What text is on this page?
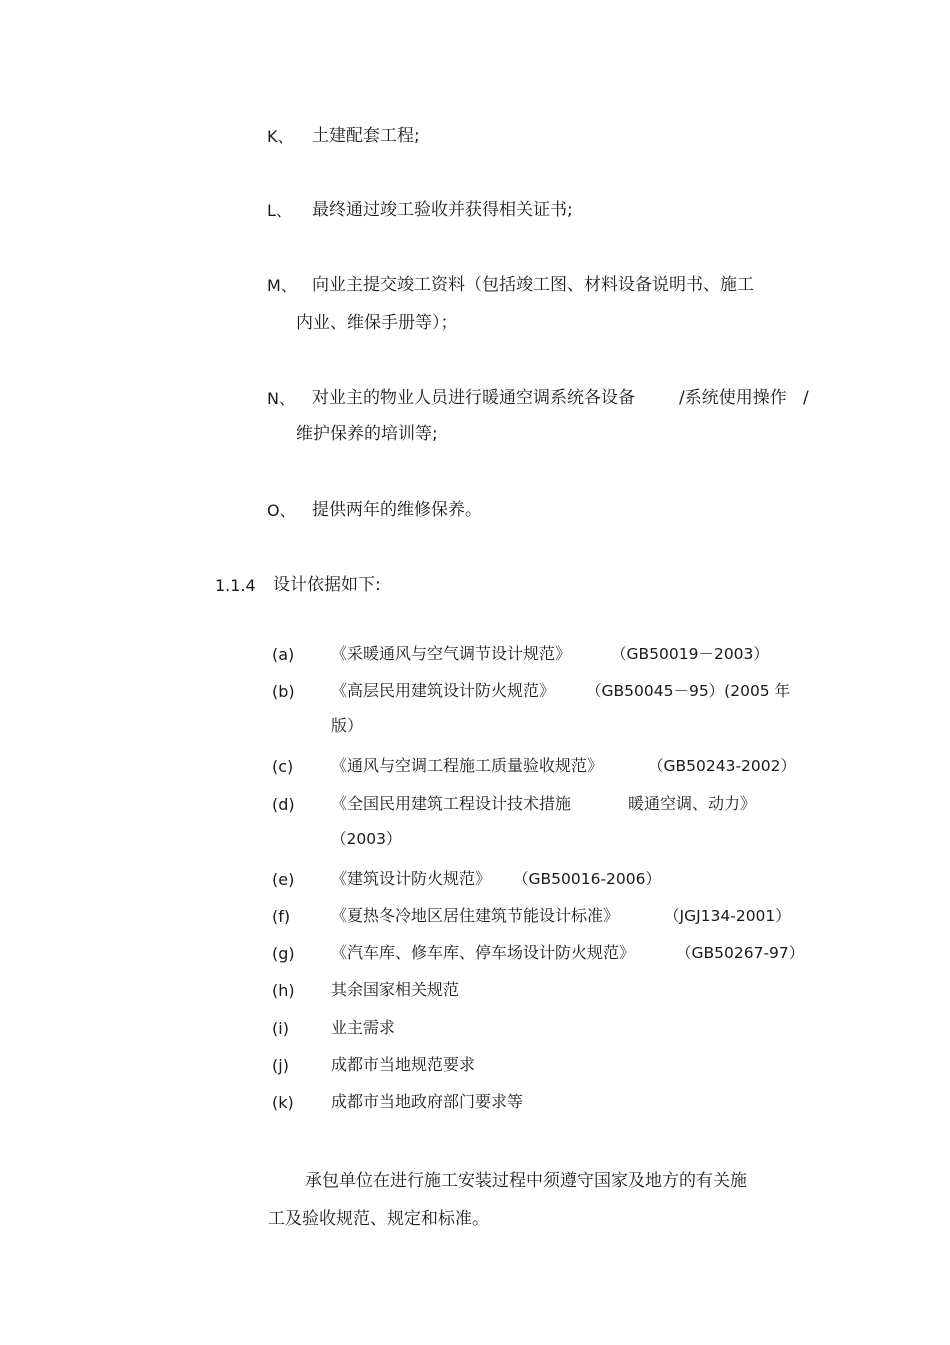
K、 土建配套工程;
L、 最终通过竣工验收并获得相关证书;
M、 向业主提交竣工资料（包括竣工图、材料设备说明书、施工
内业、维保手册等）；
N、 对业主的物业人员进行暖通空调系统各设备	/系统使用操作 /
维护保养的培训等;
O、 提供两年的维修保养。
1.1.4 设计依据如下:
(a) 《采暖通风与空气调节设计规范》	（GB50019－2003）
(b) 《高层民用建筑设计防火规范》 （GB50045－95）(2005 年
版）
(c) 《通风与空调工程施工质量验收规范》	（GB50243-2002）
(d) 《全国民用建筑工程设计技术措施	暖通空调、动力》
（2003）
(e) 《建筑设计防火规范》 （GB50016-2006）
(f)	《夏热冬冷地区居住建筑节能设计标准》	（JGJ134-2001）
(g) 《汽车库、修车库、停车场设计防火规范》	（GB50267-97）
(h) 其余国家相关规范
(i)	业主需求
(j)	成都市当地规范要求
(k) 成都市当地政府部门要求等
承包单位在进行施工安装过程中须遵守国家及地方的有关施
工及验收规范、规定和标准。
